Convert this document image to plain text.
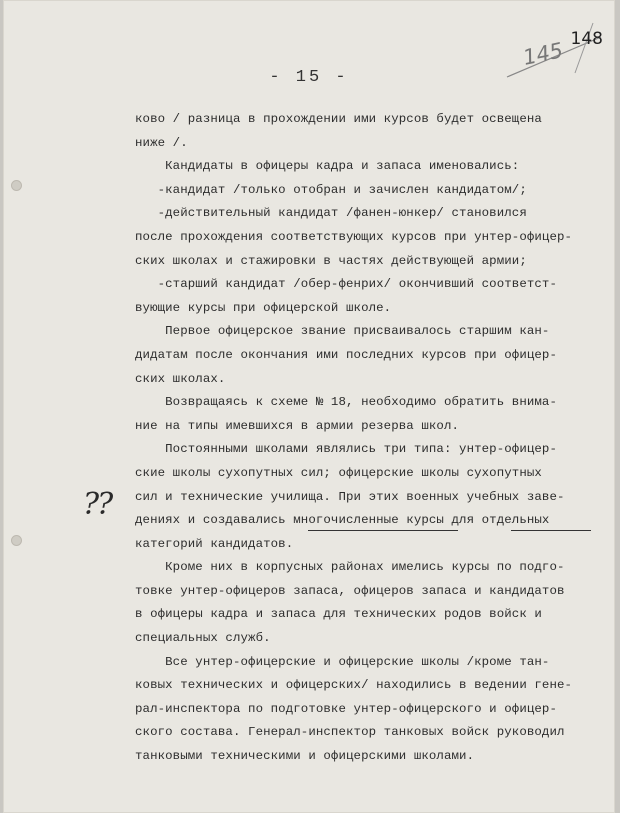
145 148
- 15 -
??
ково / разница в прохождении ими курсов будет освещена
ниже /.
Кандидаты в офицеры кадра и запаса именовались:
-кандидат /только отобран и зачислен кандидатом/;
-действительный кандидат /фанен-юнкер/ становился
после прохождения соответствующих курсов при унтер-офицер-
ских школах и стажировки в частях действующей армии;
-старший кандидат /обер-фенрих/ окончивший соответст-
вующие курсы при офицерской школе.
Первое офицерское звание присваивалось старшим кан-
дидатам после окончания ими последних курсов при офицер-
ских школах.
Возвращаясь к схеме № 18, необходимо обратить внима-
ние на типы имевшихся в армии резерва школ.
Постоянными школами являлись три типа: унтер-офицер-
ские школы сухопутных сил; офицерские школы сухопутных
сил и технические училища. При этих военных учебных заве-
дениях и создавались многочисленные курсы для отдельных
категорий кандидатов.
Кроме них в корпусных районах имелись курсы по подго-
товке унтер-офицеров запаса, офицеров запаса и кандидатов
в офицеры кадра и запаса для технических родов войск и
специальных служб.
Все унтер-офицерские и офицерские школы /кроме тан-
ковых технических и офицерских/ находились в ведении гене-
рал-инспектора по подготовке унтер-офицерского и офицер-
ского состава. Генерал-инспектор танковых войск руководил
танковыми техническими и офицерскими школами.
